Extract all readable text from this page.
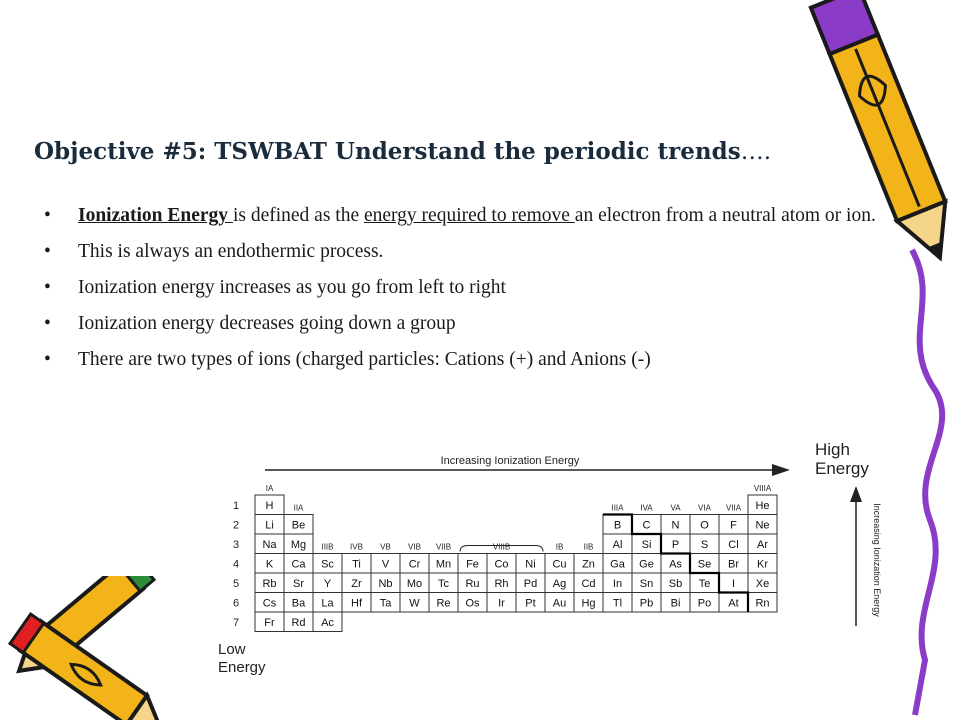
Objective #5: TSWBAT Understand the periodic trends….
• Ionization Energy is defined as the energy required to remove an electron from a neutral atom or ion.
• This is always an endothermic process.
• Ionization energy increases as you go from left to right
• Ionization energy decreases going down a group
• There are two types of ions (charged particles: Cations (+) and Anions (-)
Increasing Ionization Energy
High
Energy
Low
Energy
Increasing Ionization Energy
1
2
3
4
5
6
7
IA
IIA
IIIB IVB VB VIB VIIB	VIIIB	IB	IIB
IIIA IVA VA VIA VIIA
VIIIA
H	He
Li Be	B C N O F Ne
Na Mg	Al Si P S Cl Ar
K Ca Sc Ti V Cr Mn Fe Co Ni Cu Zn Ga Ge As Se Br Kr
Rb Sr Y Zr Nb Mo Tc Ru Rh Pd Ag Cd In Sn Sb Te I Xe
Cs Ba La Hf Ta W Re Os Ir Pt Au Hg Tl Pb Bi Po At Rn
Fr Rd Ac
